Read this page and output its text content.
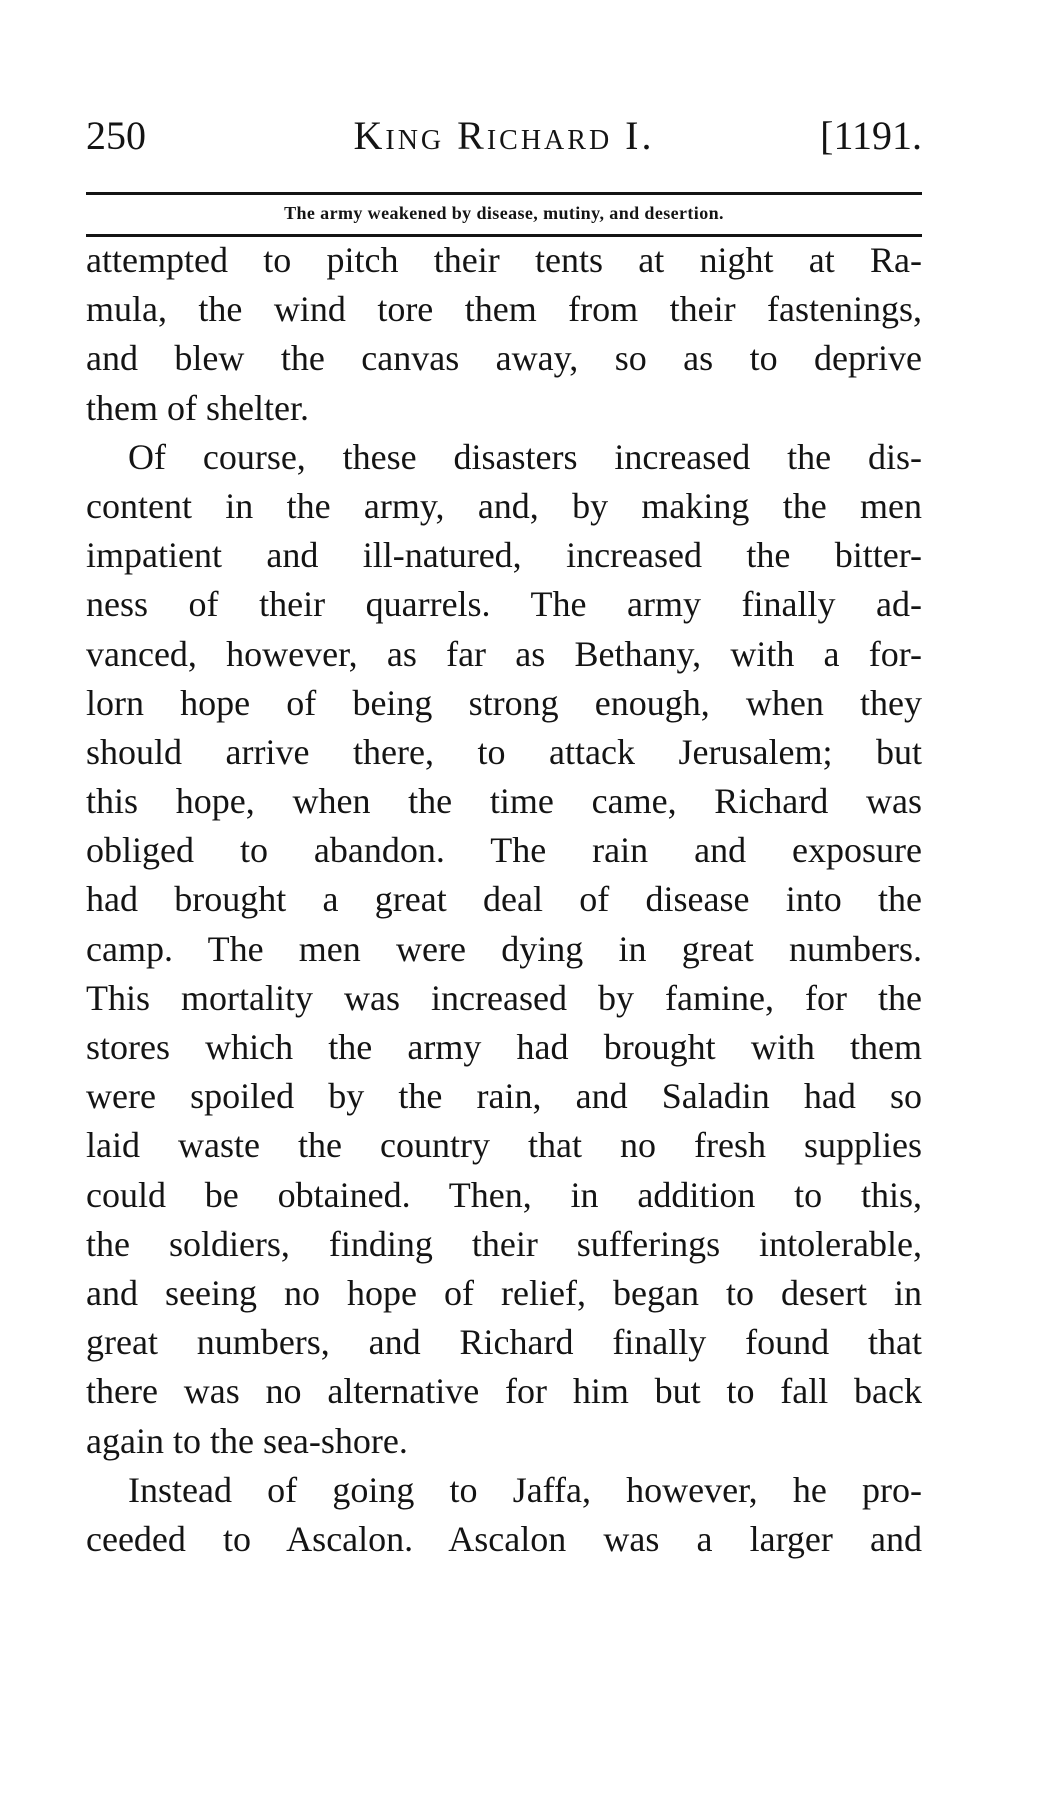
250	King Richard I.	[1191.
The army weakened by disease, mutiny, and desertion.
attempted to pitch their tents at night at Ra-
mula, the wind tore them from their fastenings,
and blew the canvas away, so as to deprive
them of shelter.
Of course, these disasters increased the dis-
content in the army, and, by making the men
impatient and ill-natured, increased the bitter-
ness of their quarrels. The army finally ad-
vanced, however, as far as Bethany, with a for-
lorn hope of being strong enough, when they
should arrive there, to attack Jerusalem; but
this hope, when the time came, Richard was
obliged to abandon. The rain and exposure
had brought a great deal of disease into the
camp. The men were dying in great numbers.
This mortality was increased by famine, for the
stores which the army had brought with them
were spoiled by the rain, and Saladin had so
laid waste the country that no fresh supplies
could be obtained. Then, in addition to this,
the soldiers, finding their sufferings intolerable,
and seeing no hope of relief, began to desert in
great numbers, and Richard finally found that
there was no alternative for him but to fall back
again to the sea-shore.
Instead of going to Jaffa, however, he pro-
ceeded to Ascalon. Ascalon was a larger and
